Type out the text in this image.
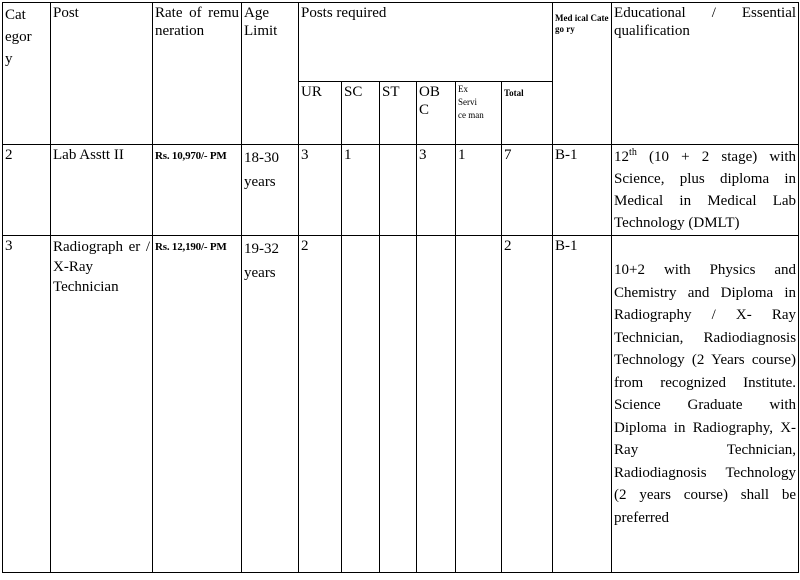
Cat
egor
y	Post	Rate of remuneration	Age Limit	Posts required						Med ical Catego ry	Educational / Essential qualification

				UR	SC	ST	OB C	Ex Servi ce man	Total		
2	Lab Asstt II	Rs. 10,970/- PM	18-30 years	3	1		3	1	7	B-1	12th (10 + 2 stage) with Science, plus diploma in Medical in Medical Lab Technology (DMLT)

3	Radiograph er / X-Ray Technician	Rs. 12,190/- PM	19-32 years	2					2	B-1	10+2 with Physics and Chemistry and Diploma in Radiography / X- Ray Technician, Radiodiagnosis Technology (2 Years course) from recognized Institute. Science Graduate with Diploma in Radiography, X-Ray Technician, Radiodiagnosis Technology (2 years course) shall be preferred
